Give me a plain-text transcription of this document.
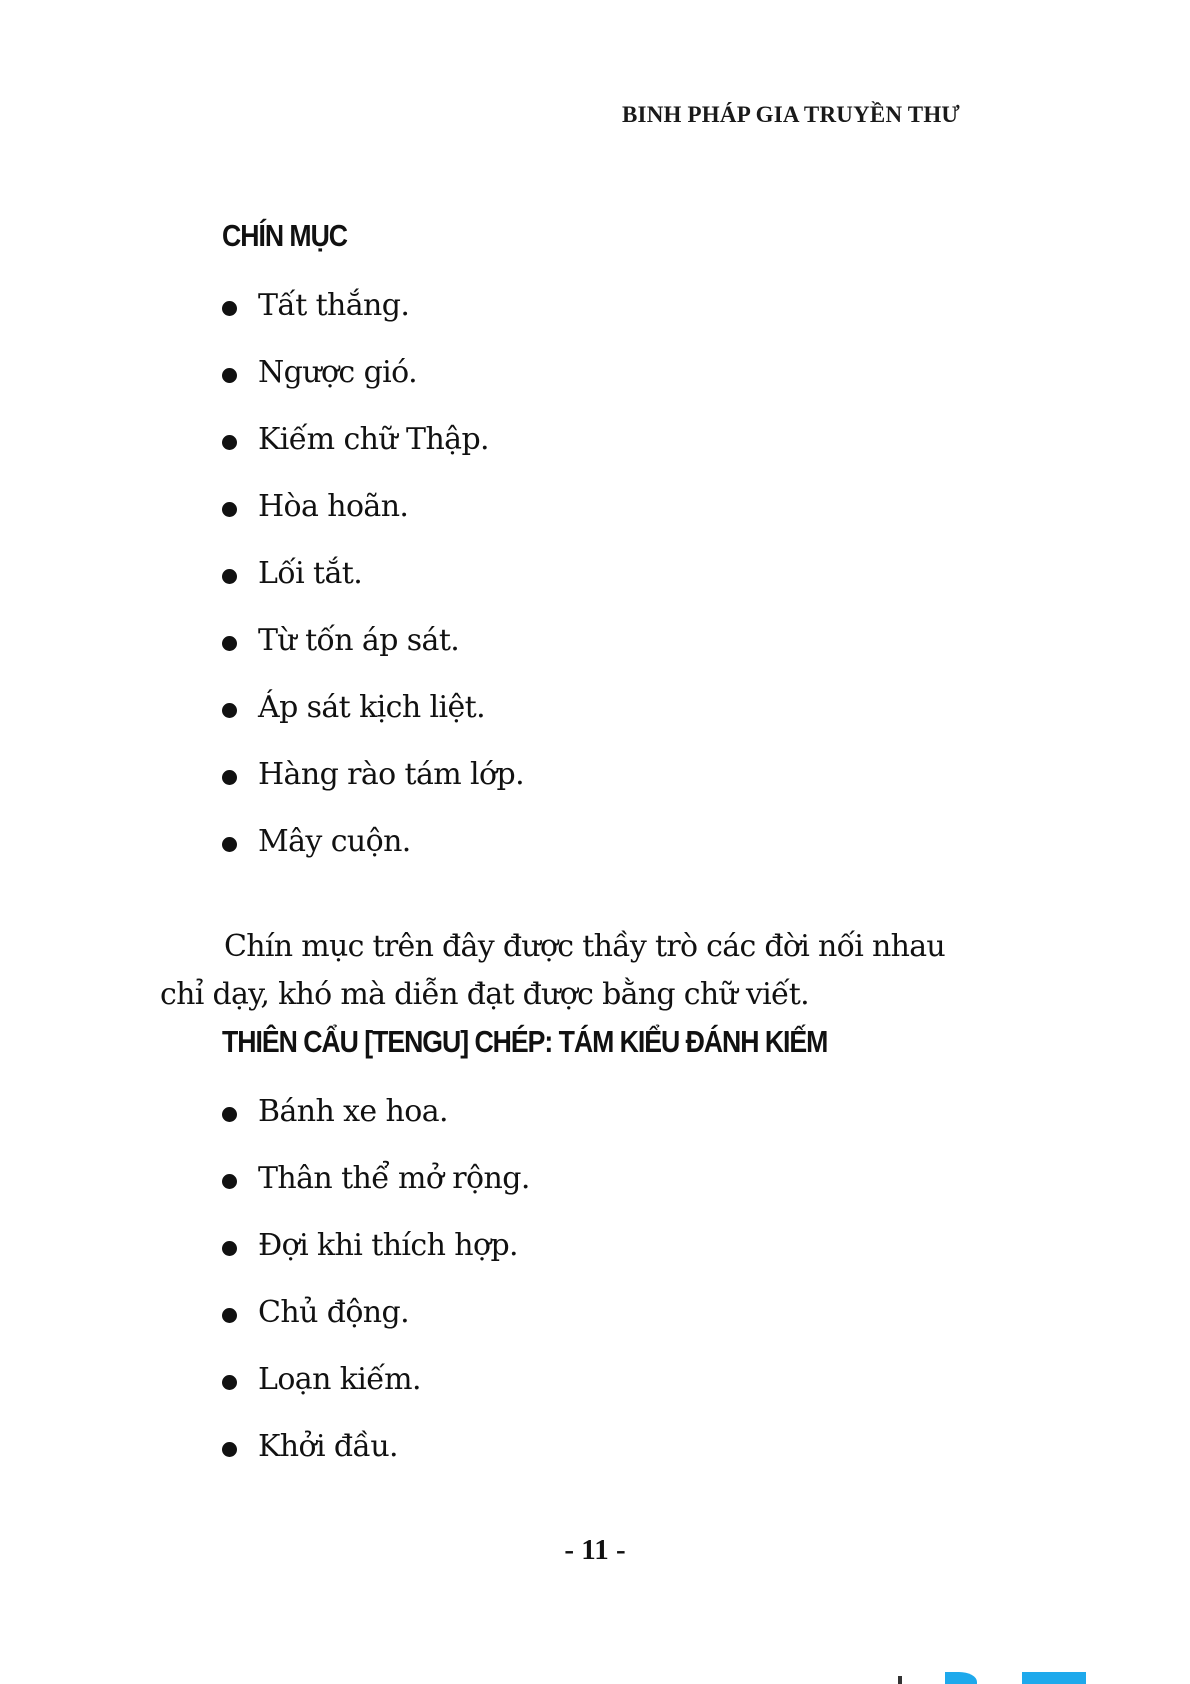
BINH PHÁP GIA TRUYỀN THƯ
CHÍN MỤC
Tất thắng.
Ngược gió.
Kiếm chữ Thập.
Hòa hoãn.
Lối tắt.
Từ tốn áp sát.
Áp sát kịch liệt.
Hàng rào tám lớp.
Mây cuộn.

Chín mục trên đây được thầy trò các đời nối nhau chỉ dạy, khó mà diễn đạt được bằng chữ viết.

THIÊN CẨU [TENGU] CHÉP: TÁM KIỂU ĐÁNH KIẾM
Bánh xe hoa.
Thân thể mở rộng.
Đợi khi thích hợp.
Chủ động.
Loạn kiếm.
Khởi đầu.
- 11 -
